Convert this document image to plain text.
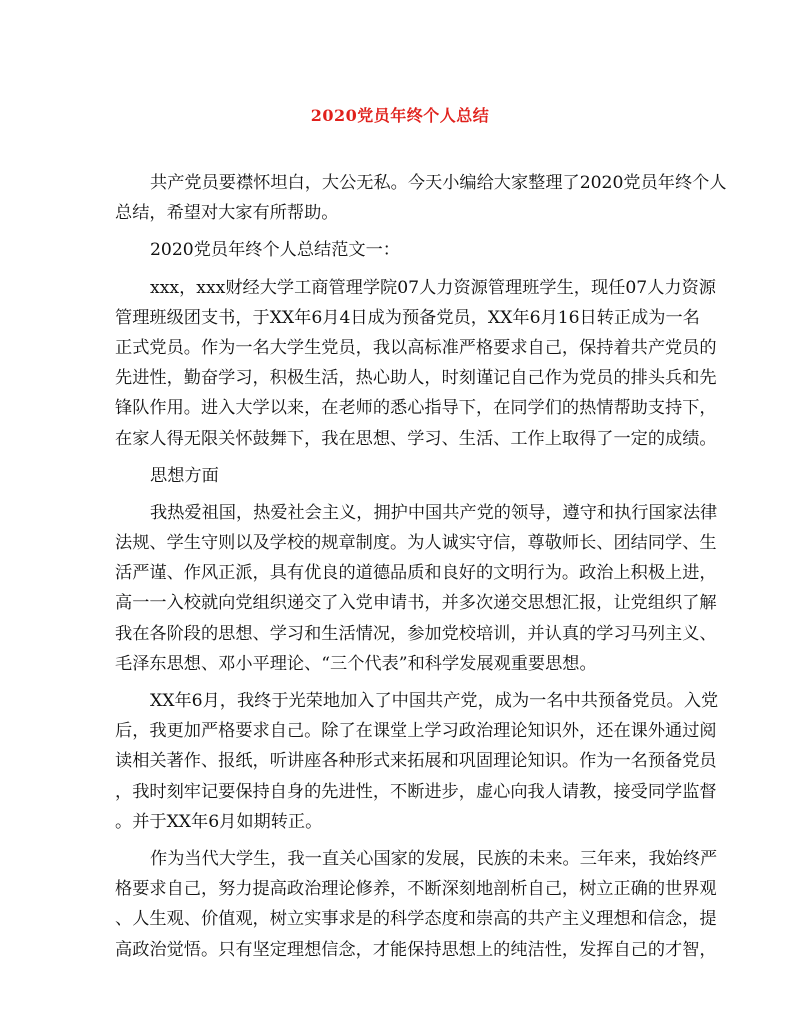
2020党员年终个人总结
共产党员要襟怀坦白，大公无私。今天小编给大家整理了2020党员年终个人
总结，希望对大家有所帮助。
2020党员年终个人总结范文一：
xxx，xxx财经大学工商管理学院07人力资源管理班学生，现任07人力资源
管理班级团支书，于XX年6月4日成为预备党员，XX年6月16日转正成为一名
正式党员。作为一名大学生党员，我以高标准严格要求自己，保持着共产党员的
先进性，勤奋学习，积极生活，热心助人，时刻谨记自己作为党员的排头兵和先
锋队作用。进入大学以来，在老师的悉心指导下，在同学们的热情帮助支持下，
在家人得无限关怀鼓舞下，我在思想、学习、生活、工作上取得了一定的成绩。
思想方面
我热爱祖国，热爱社会主义，拥护中国共产党的领导，遵守和执行国家法律
法规、学生守则以及学校的规章制度。为人诚实守信，尊敬师长、团结同学、生
活严谨、作风正派，具有优良的道德品质和良好的文明行为。政治上积极上进，
高一一入校就向党组织递交了入党申请书，并多次递交思想汇报，让党组织了解
我在各阶段的思想、学习和生活情况，参加党校培训，并认真的学习马列主义、
毛泽东思想、邓小平理论、“三个代表”和科学发展观重要思想。
XX年6月，我终于光荣地加入了中国共产党，成为一名中共预备党员。入党
后，我更加严格要求自己。除了在课堂上学习政治理论知识外，还在课外通过阅
读相关著作、报纸，听讲座各种形式来拓展和巩固理论知识。作为一名预备党员
，我时刻牢记要保持自身的先进性，不断进步，虚心向我人请教，接受同学监督
。并于XX年6月如期转正。
作为当代大学生，我一直关心国家的发展，民族的未来。三年来，我始终严
格要求自己，努力提高政治理论修养，不断深刻地剖析自己，树立正确的世界观
、人生观、价值观，树立实事求是的科学态度和崇高的共产主义理想和信念，提
高政治觉悟。只有坚定理想信念，才能保持思想上的纯洁性，发挥自己的才智，
